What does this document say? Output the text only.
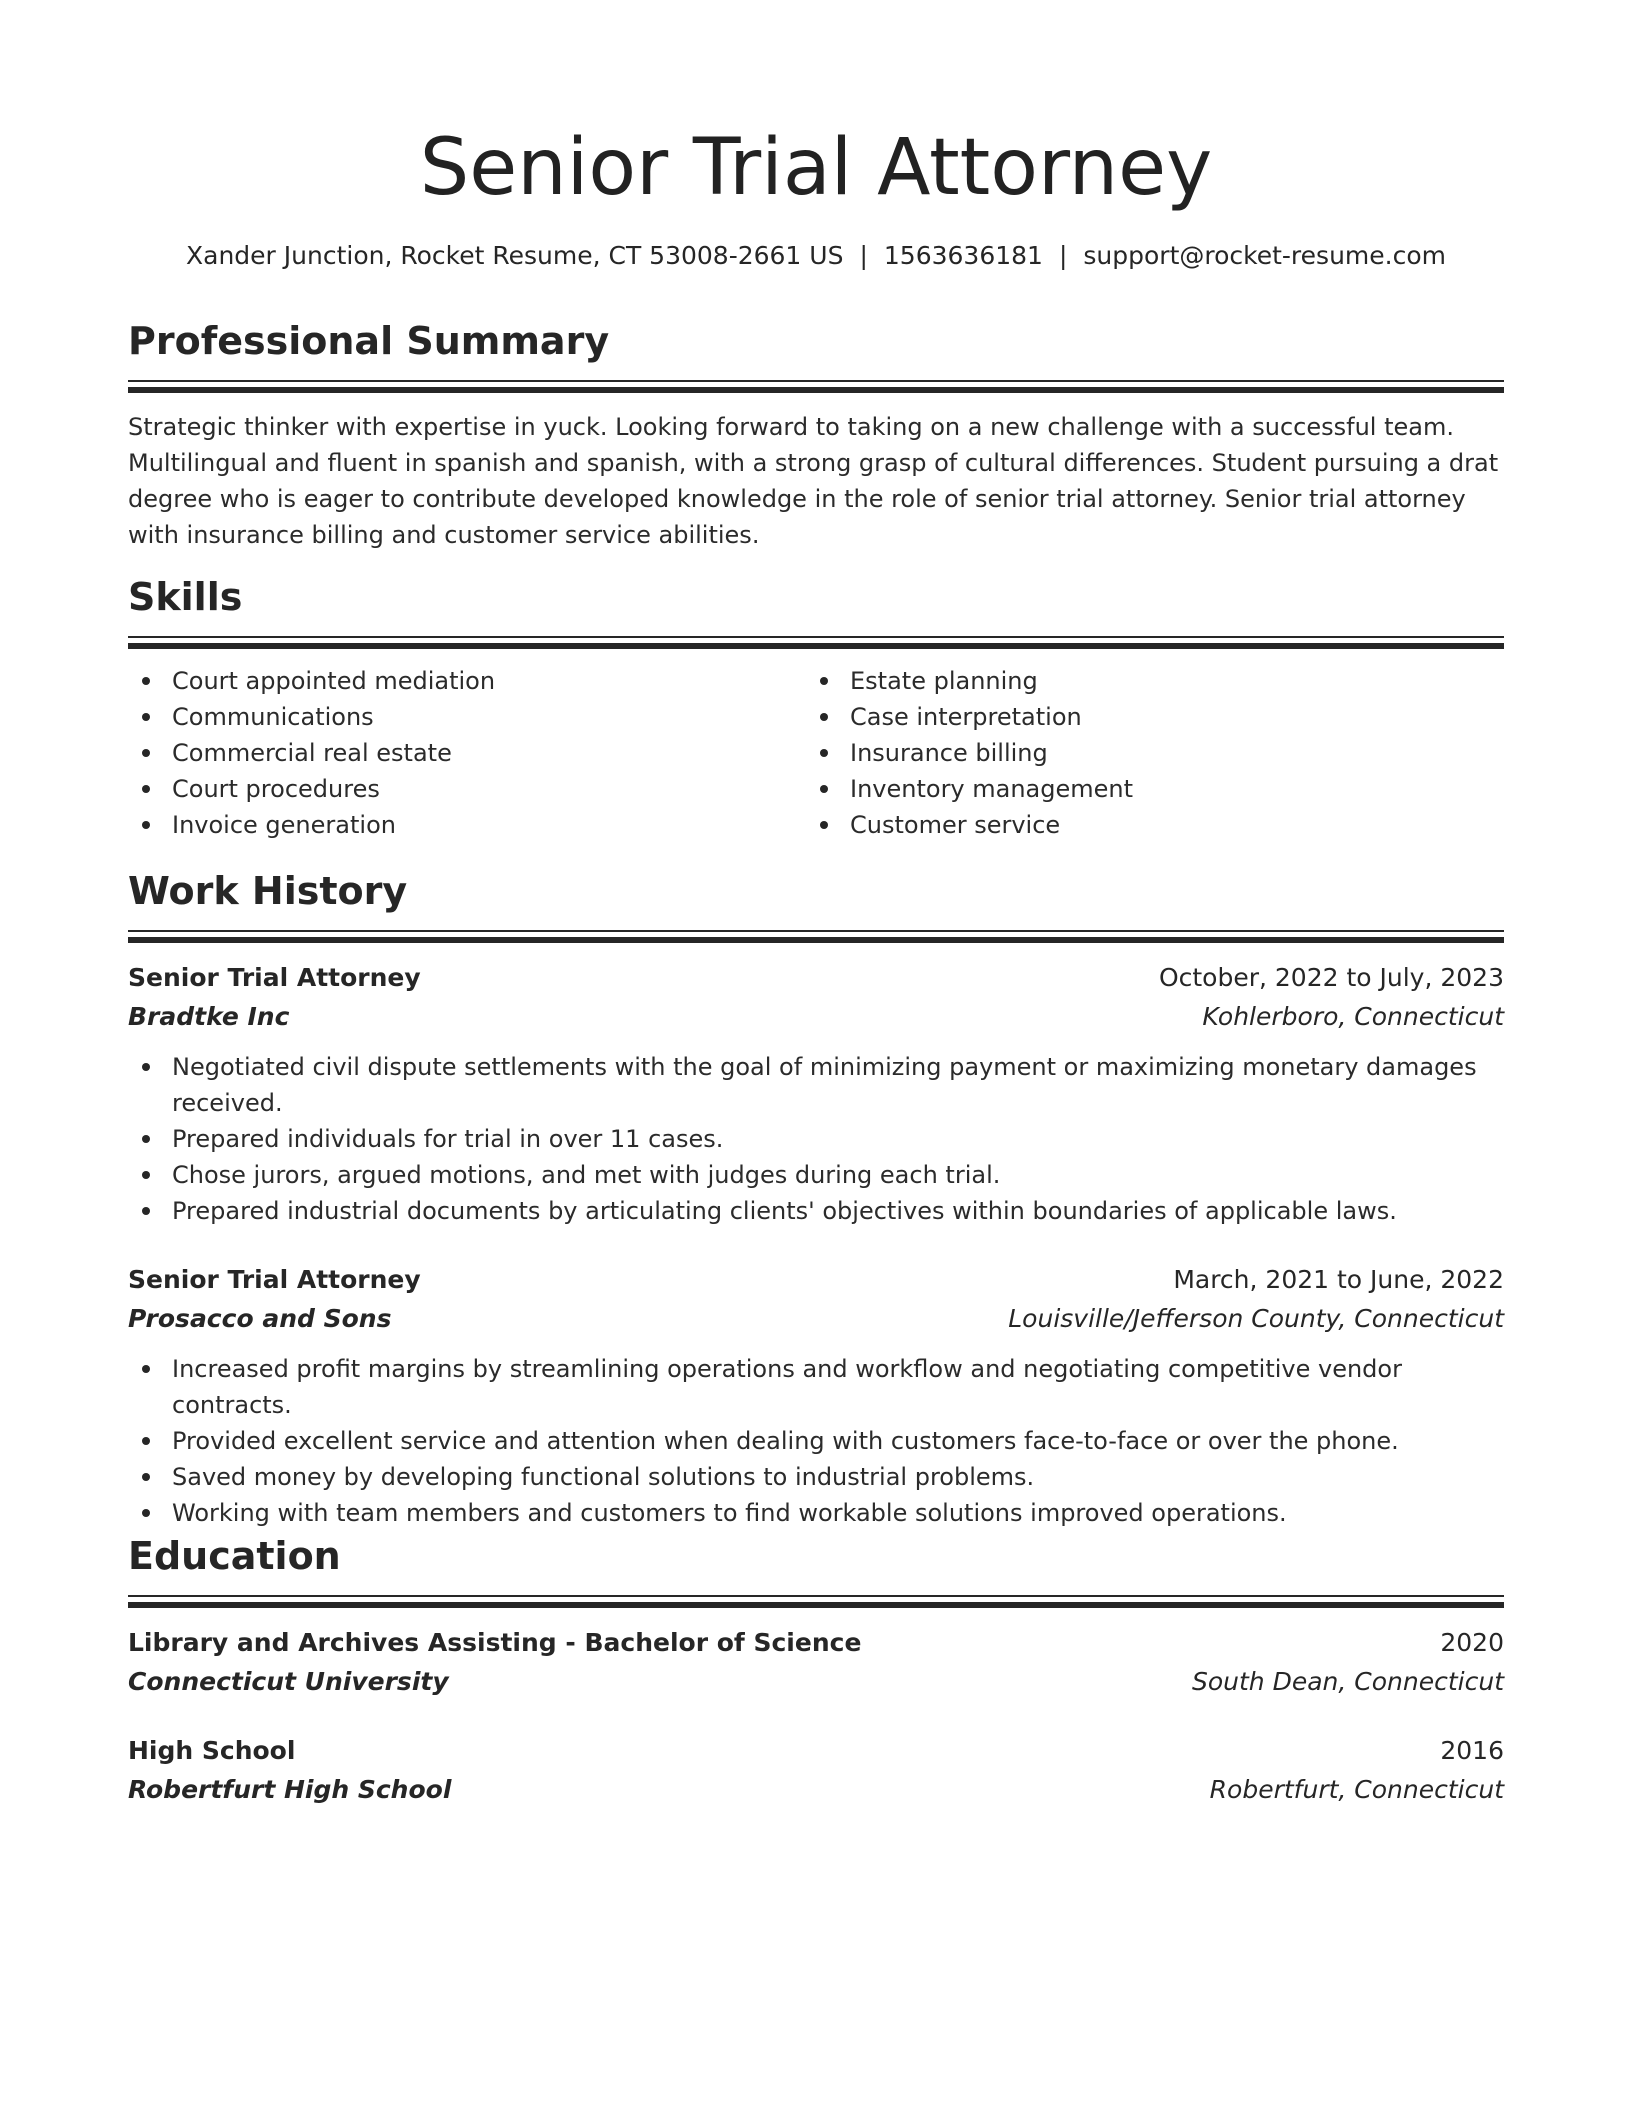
Senior Trial Attorney
Xander Junction, Rocket Resume, CT 53008-2661 US | 1563636181 | support@rocket-resume.com
Professional Summary

Strategic thinker with expertise in yuck. Looking forward to taking on a new challenge with a successful team. Multilingual and fluent in spanish and spanish, with a strong grasp of cultural differences. Student pursuing a drat degree who is eager to contribute developed knowledge in the role of senior trial attorney. Senior trial attorney with insurance billing and customer service abilities.

Skills
Court appointed mediation
Communications
Commercial real estate
Court procedures
Invoice generation
Estate planning
Case interpretation
Insurance billing
Inventory management
Customer service
Work History
Senior Trial Attorney	October, 2022 to July, 2023
Bradtke Inc	Kohlerboro, Connecticut
Negotiated civil dispute settlements with the goal of minimizing payment or maximizing monetary damages received.
Prepared individuals for trial in over 11 cases.
Chose jurors, argued motions, and met with judges during each trial.
Prepared industrial documents by articulating clients' objectives within boundaries of applicable laws.
Senior Trial Attorney	March, 2021 to June, 2022
Prosacco and Sons	Louisville/Jefferson County, Connecticut
Increased profit margins by streamlining operations and workflow and negotiating competitive vendor contracts.
Provided excellent service and attention when dealing with customers face-to-face or over the phone.
Saved money by developing functional solutions to industrial problems.
Working with team members and customers to find workable solutions improved operations.
Education
Library and Archives Assisting - Bachelor of Science	2020
Connecticut University	South Dean, Connecticut
High School	2016
Robertfurt High School	Robertfurt, Connecticut
